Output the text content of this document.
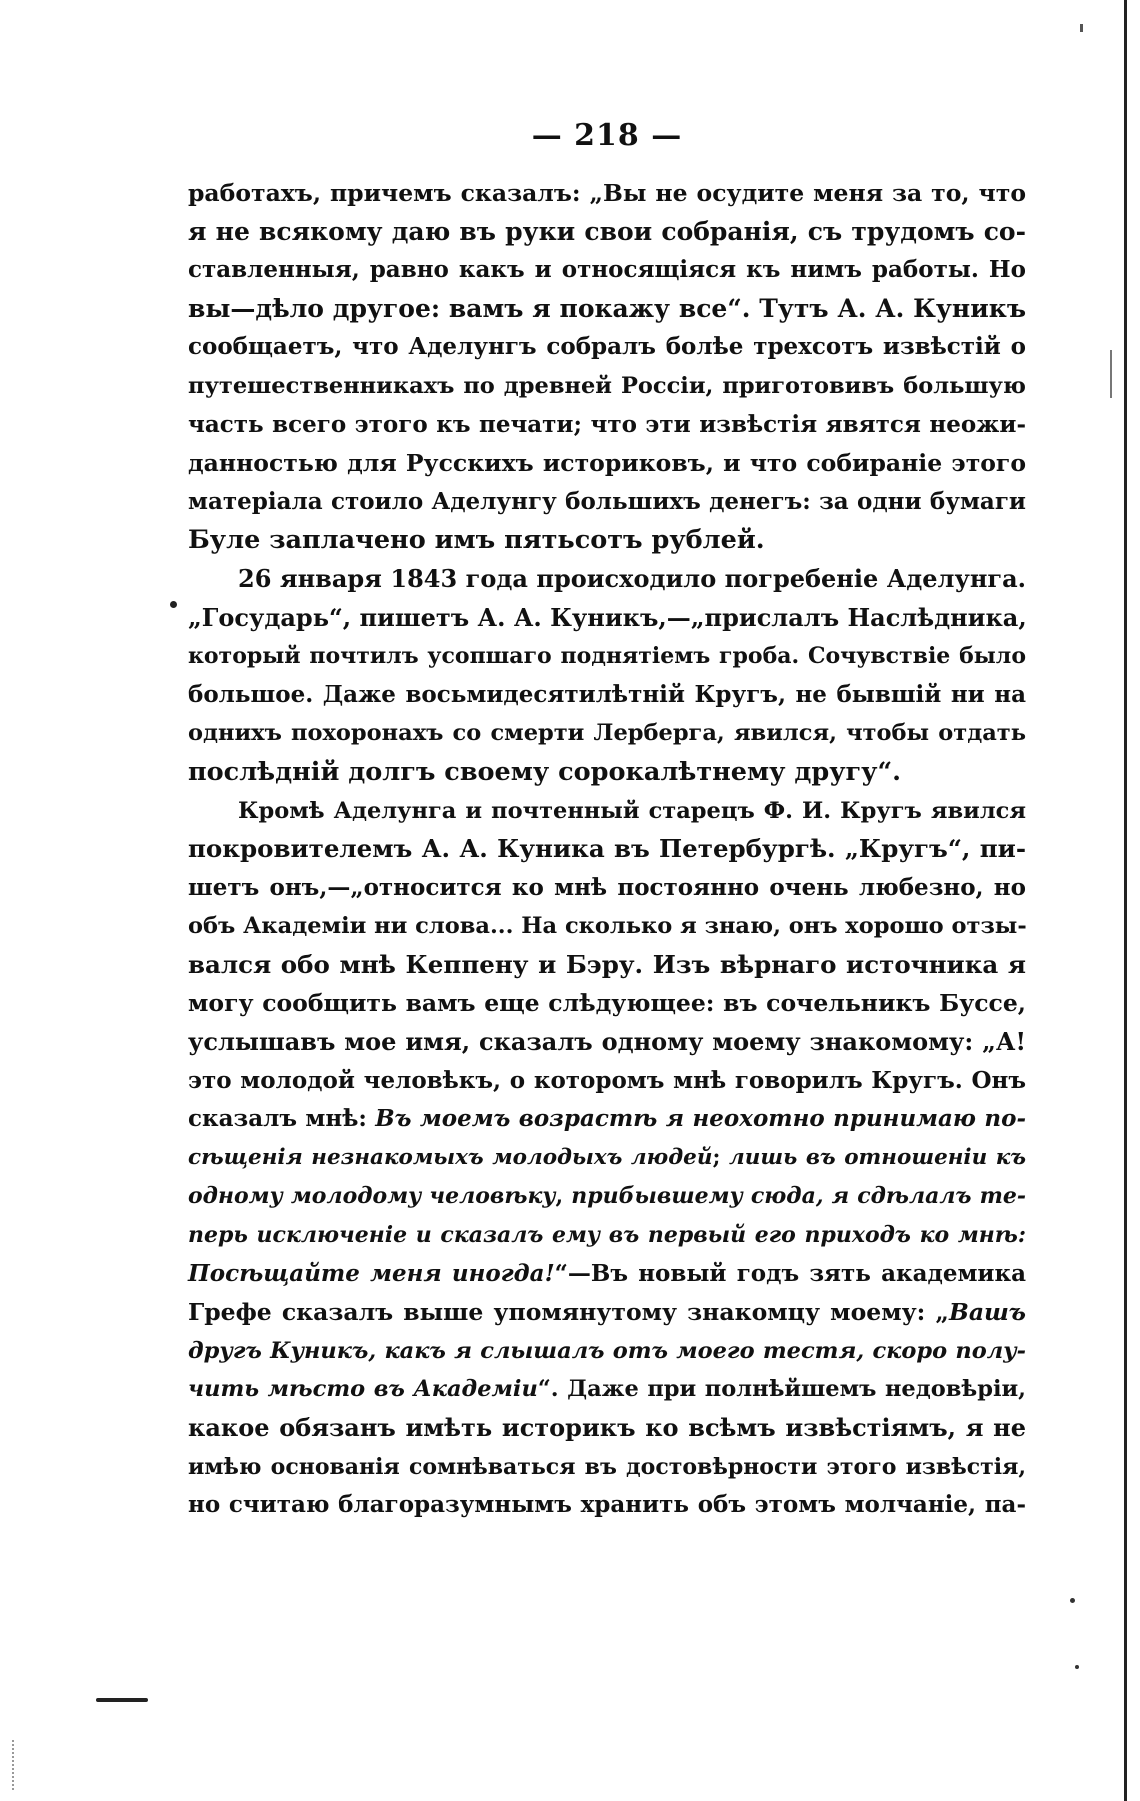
— 218 —
работахъ, причемъ сказалъ: „Вы не осудите меня за то, что
я не всякому даю въ руки свои собранія, съ трудомъ со-
ставленныя, равно какъ и относящіяся къ нимъ работы. Но
вы—дѣло другое: вамъ я покажу все“. Тутъ А. А. Куникъ
сообщаетъ, что Аделунгъ собралъ болѣе трехсотъ извѣстій о
путешественникахъ по древней Россіи, приготовивъ большую
часть всего этого къ печати; что эти извѣстія явятся неожи-
данностью для Русскихъ историковъ, и что собираніе этого
матеріала стоило Аделунгу большихъ денегъ: за одни бумаги
Буле заплачено имъ пятьсотъ рублей.
26 января 1843 года происходило погребеніе Аделунга.
„Государь“, пишетъ А. А. Куникъ,—„прислалъ Наслѣдника,
который почтилъ усопшаго поднятіемъ гроба. Сочувствіе было
большое. Даже восьмидесятилѣтній Кругъ, не бывшій ни на
однихъ похоронахъ со смерти Лерберга, явился, чтобы отдать
послѣдній долгъ своему сорокалѣтнему другу“.
Кромѣ Аделунга и почтенный старецъ Ф. И. Кругъ явился
покровителемъ А. А. Куника въ Петербургѣ. „Кругъ“, пи-
шетъ онъ,—„относится ко мнѣ постоянно очень любезно, но
объ Академіи ни слова... На сколько я знаю, онъ хорошо отзы-
вался обо мнѣ Кеппену и Бэру. Изъ вѣрнаго источника я
могу сообщить вамъ еще слѣдующее: въ сочельникъ Буссе,
услышавъ мое имя, сказалъ одному моему знакомому: „А!
это молодой человѣкъ, о которомъ мнѣ говорилъ Кругъ. Онъ
сказалъ мнѣ: Въ моемъ возрастѣ я неохотно принимаю по-
сѣщенія незнакомыхъ молодыхъ людей; лишь въ отношеніи къ
одному молодому человѣку, прибывшему сюда, я сдѣлалъ те-
перь исключеніе и сказалъ ему въ первый его приходъ ко мнѣ:
Посѣщайте меня иногда!“—Въ новый годъ зять академика
Грефе сказалъ выше упомянутому знакомцу моему: „Вашъ
другъ Куникъ, какъ я слышалъ отъ моего тестя, скоро полу-
чить мѣсто въ Академіи“. Даже при полнѣйшемъ недовѣріи,
какое обязанъ имѣть историкъ ко всѣмъ извѣстіямъ, я не
имѣю основанія сомнѣваться въ достовѣрности этого извѣстія,
но считаю благоразумнымъ хранить объ этомъ молчаніе, па-
